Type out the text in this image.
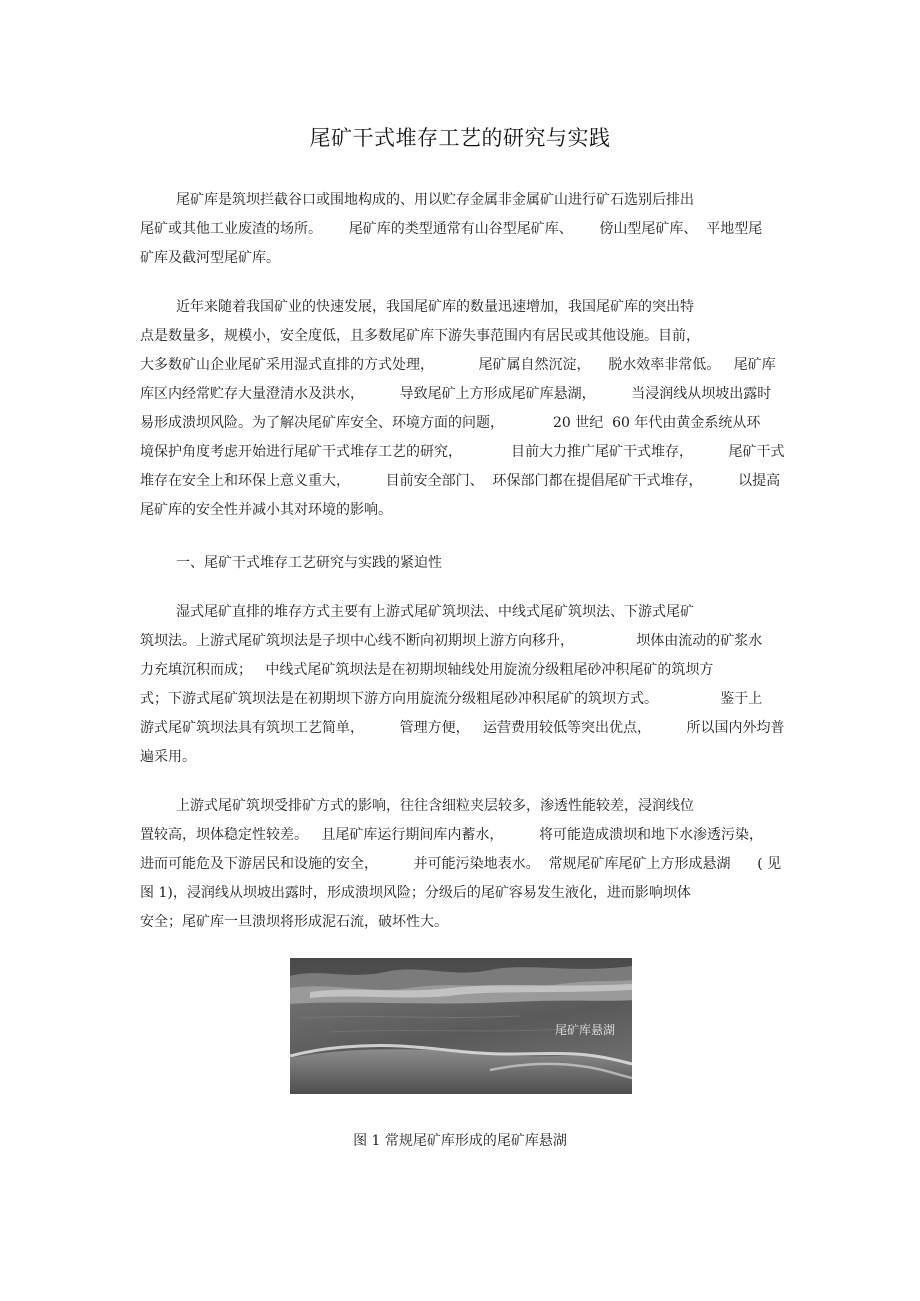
尾矿干式堆存工艺的研究与实践
尾矿库是筑坝拦截谷口或围地构成的、用以贮存金属非金属矿山进行矿石选别后排出
尾矿或其他工业废渣的场所。      尾矿库的类型通常有山谷型尾矿库、      傍山型尾矿库、  平地型尾
矿库及截河型尾矿库。
近年来随着我国矿业的快速发展，我国尾矿库的数量迅速增加，我国尾矿库的突出特
点是数量多，规模小，安全度低，且多数尾矿库下游失事范围内有居民或其他设施。目前，
大多数矿山企业尾矿采用湿式直排的方式处理，          尾矿属自然沉淀，    脱水效率非常低。   尾矿库
库区内经常贮存大量澄清水及洪水，        导致尾矿上方形成尾矿库悬湖，        当浸润线从坝坡出露时
易形成溃坝风险。为了解决尾矿库安全、环境方面的问题，           20 世纪  60 年代由黄金系统从环
境保护角度考虑开始进行尾矿干式堆存工艺的研究，           目前大力推广尾矿干式堆存，        尾矿干式
堆存在安全上和环保上意义重大，        目前安全部门、  环保部门都在提倡尾矿干式堆存，        以提高
尾矿库的安全性并减小其对环境的影响。
一、尾矿干式堆存工艺研究与实践的紧迫性
湿式尾矿直排的堆存方式主要有上游式尾矿筑坝法、中线式尾矿筑坝法、下游式尾矿
筑坝法。上游式尾矿筑坝法是子坝中心线不断向初期坝上游方向移升，              坝体由流动的矿浆水
力充填沉积而成；   中线式尾矿筑坝法是在初期坝轴线处用旋流分级粗尾砂冲积尾矿的筑坝方
式；下游式尾矿筑坝法是在初期坝下游方向用旋流分级粗尾砂冲积尾矿的筑坝方式。              鉴于上
游式尾矿筑坝法具有筑坝工艺简单，        管理方便，   运营费用较低等突出优点，        所以国内外均普
遍采用。
上游式尾矿筑坝受排矿方式的影响，往往含细粒夹层较多，渗透性能较差，浸润线位
置较高，坝体稳定性较差。   且尾矿库运行期间库内蓄水，        将可能造成溃坝和地下水渗透污染，
进而可能危及下游居民和设施的安全，        并可能污染地表水。  常规尾矿库尾矿上方形成悬湖      ( 见
图 1)，浸润线从坝坡出露时，形成溃坝风险；分级后的尾矿容易发生液化，进而影响坝体
安全；尾矿库一旦溃坝将形成泥石流，破坏性大。
尾矿库悬湖
图 1 常规尾矿库形成的尾矿库悬湖
